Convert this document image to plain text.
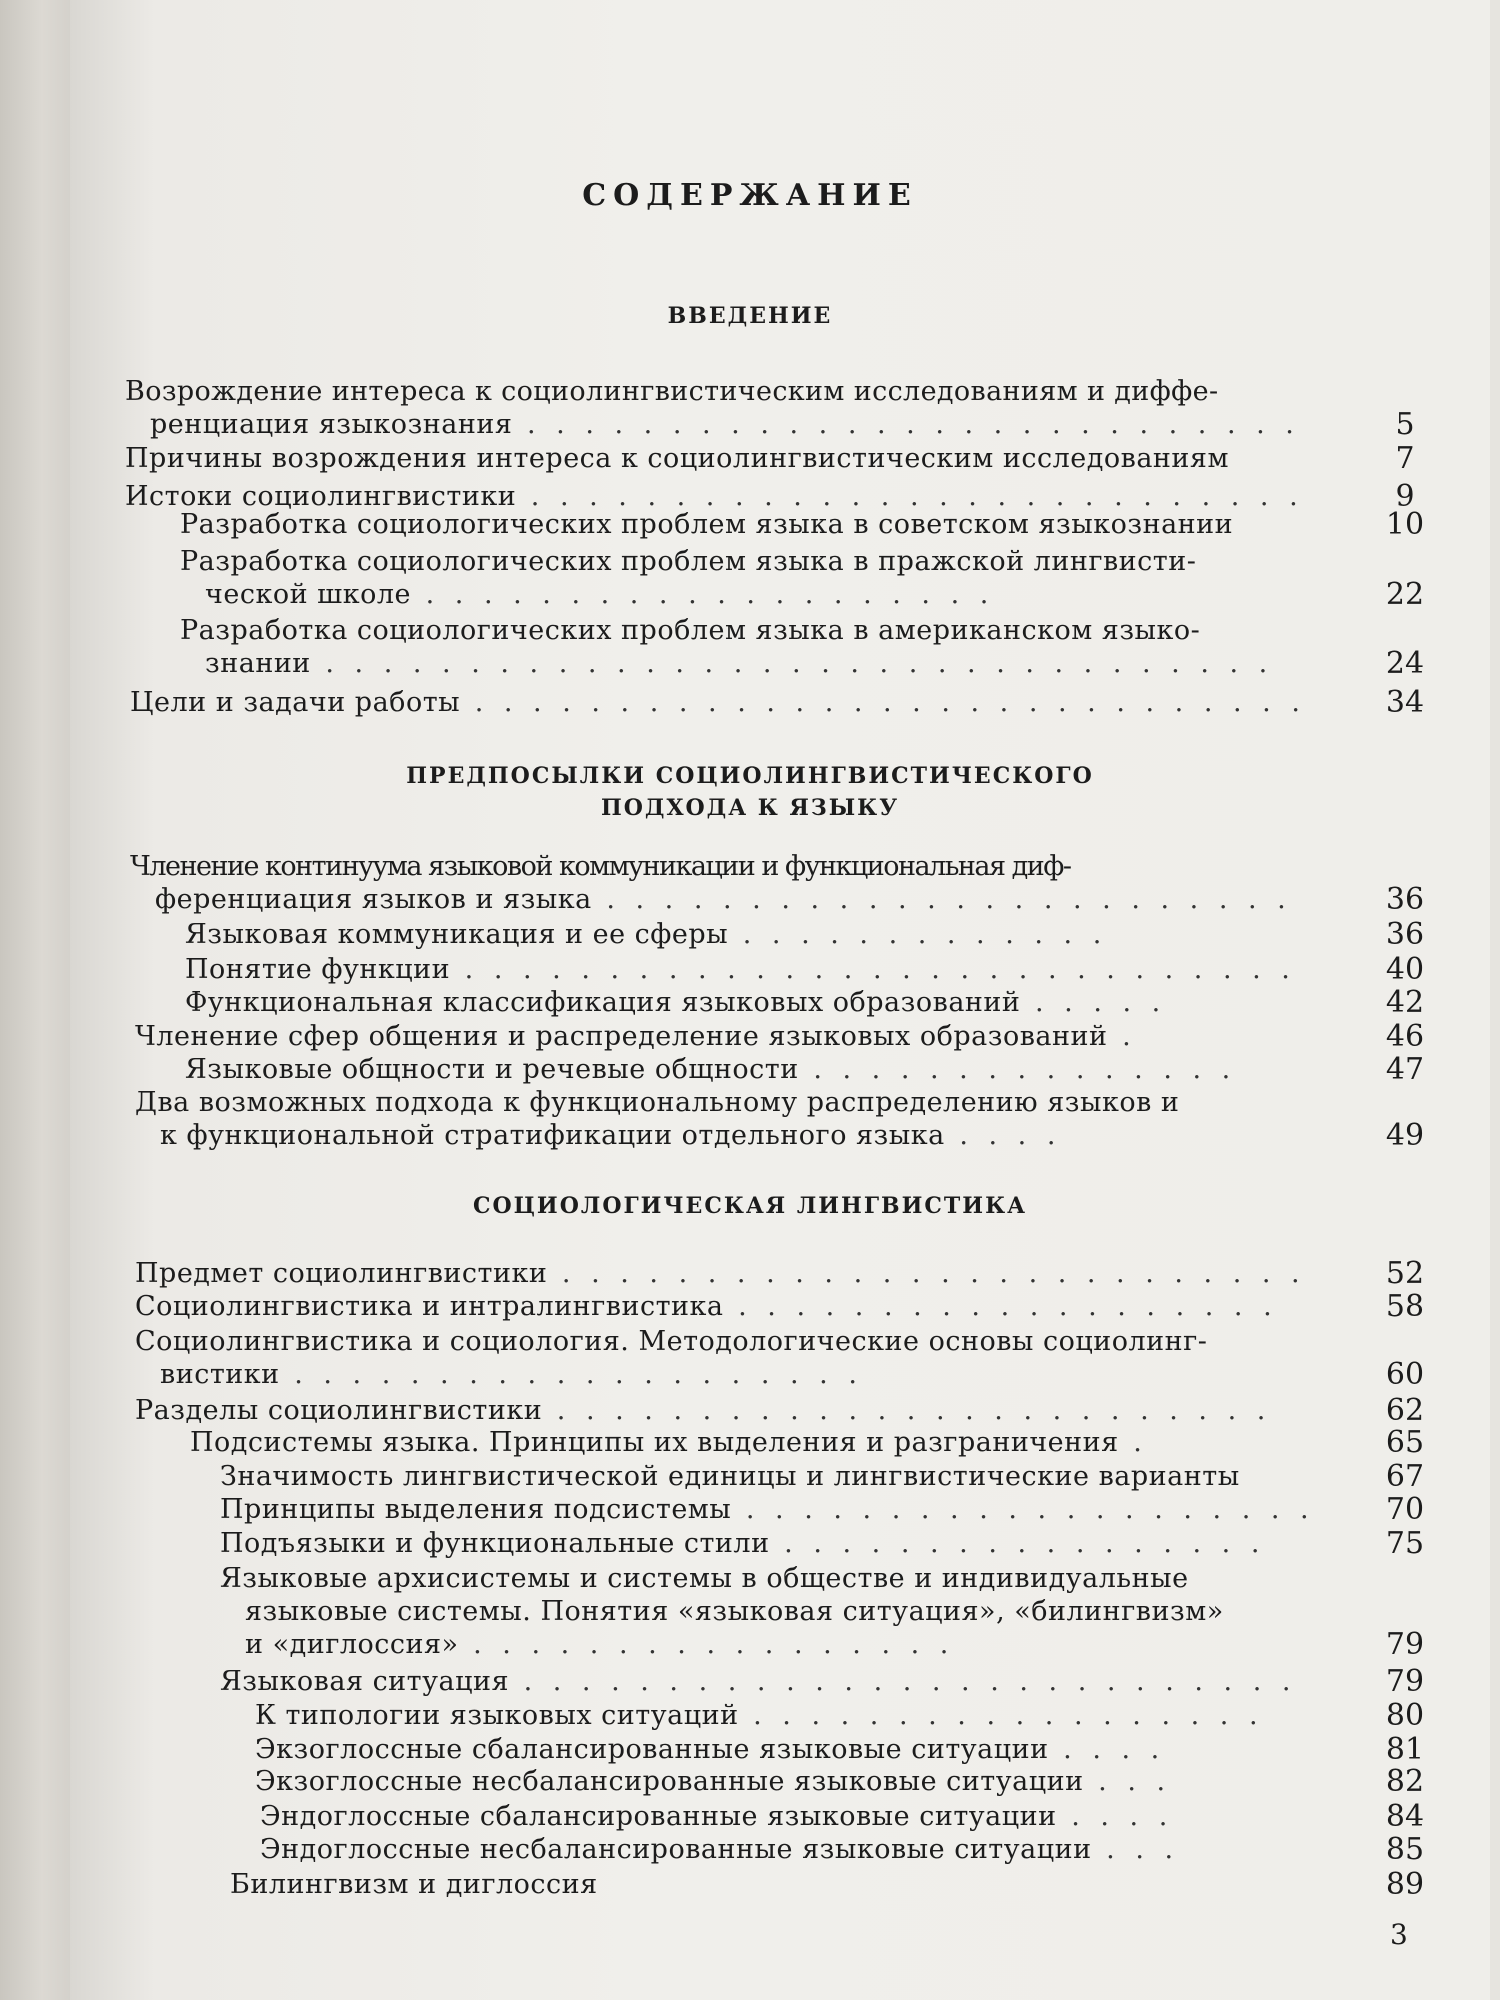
СОДЕРЖАНИЕ
ВВЕДЕНИЕ
Возрождение интереса к социолингвистическим исследованиям и диффе-
ренциация языкознания . . . . . . . . . . . . . . . . . . . . . . . . . . .	5
Причины возрождения интереса к социолингвистическим исследованиям	7
Истоки социолингвистики . . . . . . . . . . . . . . . . . . . . . . . . . . .	9
Разработка социологических проблем языка в советском языкознании	10
Разработка социологических проблем языка в пражской лингвисти-
ческой школе . . . . . . . . . . . . . . . . . . . .	22
Разработка социологических проблем языка в американском языко-
знании . . . . . . . . . . . . . . . . . . . . . . . . . . . . . . . . .	24
Цели и задачи работы . . . . . . . . . . . . . . . . . . . . . . . . . . . . .	34
ПРЕДПОСЫЛКИ СОЦИОЛИНГВИСТИЧЕСКОГО
ПОДХОДА К ЯЗЫКУ
Членение континуума языковой коммуникации и функциональная диф-
ференциация языков и языка . . . . . . . . . . . . . . . . . . . . . . . .	36
Языковая коммуникация и ее сферы . . . . . . . . . . . . .	36
Понятие функции . . . . . . . . . . . . . . . . . . . . . . . . . . . . .	40
Функциональная классификация языковых образований . . . . .	42
Членение сфер общения и распределение языковых образований .	46
Языковые общности и речевые общности . . . . . . . . . . . . . . .	47
Два возможных подхода к функциональному распределению языков и
к функциональной стратификации отдельного языка . . . .	49
СОЦИОЛОГИЧЕСКАЯ ЛИНГВИСТИКА
Предмет социолингвистики . . . . . . . . . . . . . . . . . . . . . . . . . .	52
Социолингвистика и интралингвистика . . . . . . . . . . . . . . . . . . .	58
Социолингвистика и социология. Методологические основы социолинг-
вистики . . . . . . . . . . . . . . . . . . . .	60
Разделы социолингвистики . . . . . . . . . . . . . . . . . . . . . . . . .	62
Подсистемы языка. Принципы их выделения и разграничения .	65
Значимость лингвистической единицы и лингвистические варианты	67
Принципы выделения подсистемы . . . . . . . . . . . . . . . . . . . .	70
Подъязыки и функциональные стили . . . . . . . . . . . . . . . . .	75
Языковые архисистемы и системы в обществе и индивидуальные
языковые системы. Понятия «языковая ситуация», «билингвизм»
и «диглоссия» . . . . . . . . . . . . . . . . .	79
Языковая ситуация . . . . . . . . . . . . . . . . . . . . . . . . . . .	79
К типологии языковых ситуаций . . . . . . . . . . . . . . . . . .	80
Экзоглоссные сбалансированные языковые ситуации . . . .	81
Экзоглоссные несбалансированные языковые ситуации . . .	82
Эндоглоссные сбалансированные языковые ситуации . . . .	84
Эндоглоссные несбалансированные языковые ситуации . . .	85
Билингвизм и диглоссия	89
3
